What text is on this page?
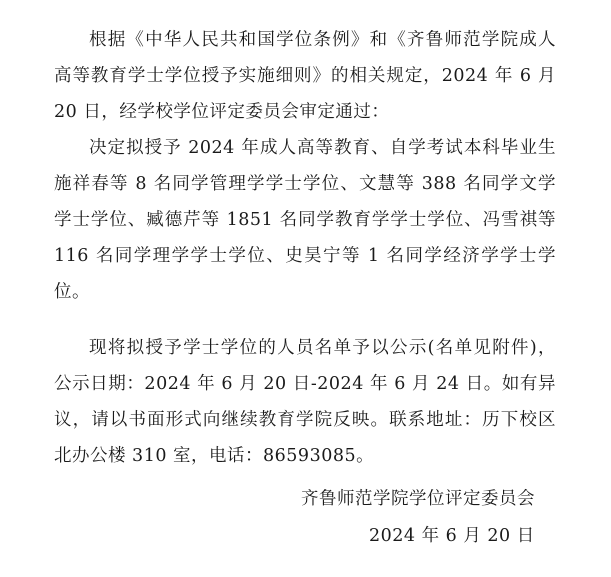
根据《中华人民共和国学位条例》和《齐鲁师范学院成人高等教育学士学位授予实施细则》的相关规定，2024 年 6 月 20 日，经学校学位评定委员会审定通过：

决定拟授予 2024 年成人高等教育、自学考试本科毕业生施祥春等 8 名同学管理学学士学位、文慧等 388 名同学文学学士学位、臧德芹等 1851 名同学教育学学士学位、冯雪祺等 116 名同学理学学士学位、史昊宁等 1 名同学经济学学士学位。

现将拟授予学士学位的人员名单予以公示(名单见附件)， 公示日期：2024 年 6 月 20 日-2024 年 6 月 24 日。如有异议，请以书面形式向继续教育学院反映。联系地址：历下校区北办公楼 310 室，电话：86593085。

齐鲁师范学院学位评定委员会
2024 年 6 月 20 日
